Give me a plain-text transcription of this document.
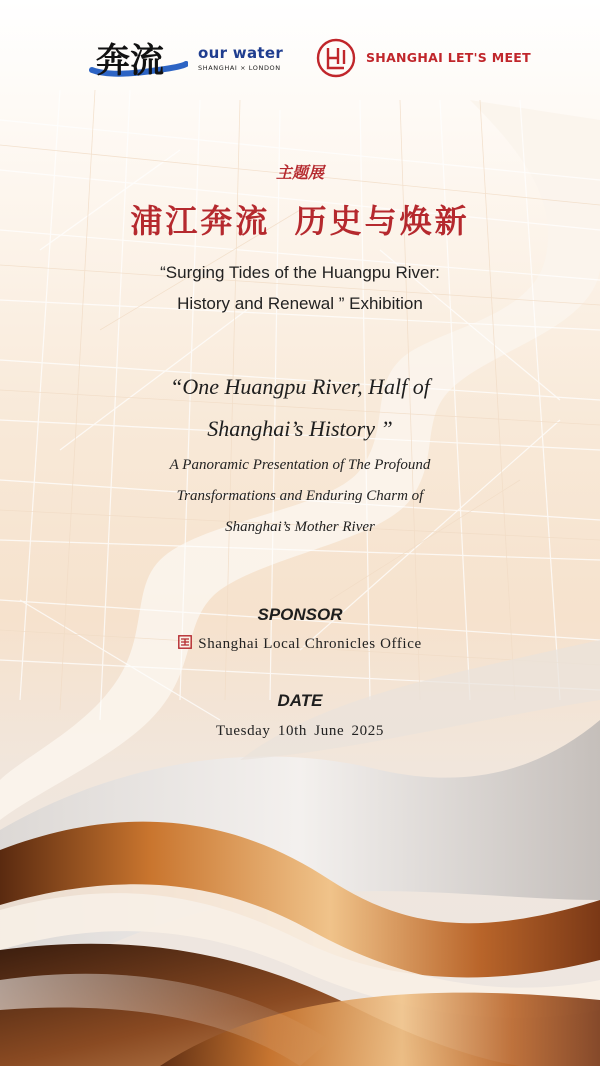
奔流 our water
SHANGHAI × LONDON
SHANGHAI LET'S MEET
主题展
浦江奔流 历史与焕新
“Surging Tides of the Huangpu River:
History and Renewal ” Exhibition
“One Huangpu River, Half of
Shanghai’s History ”
A Panoramic Presentation of The Profound
Transformations and Enduring Charm of
Shanghai’s Mother River
SPONSOR
Shanghai Local Chronicles Office
DATE
Tuesday 10th June 2025
